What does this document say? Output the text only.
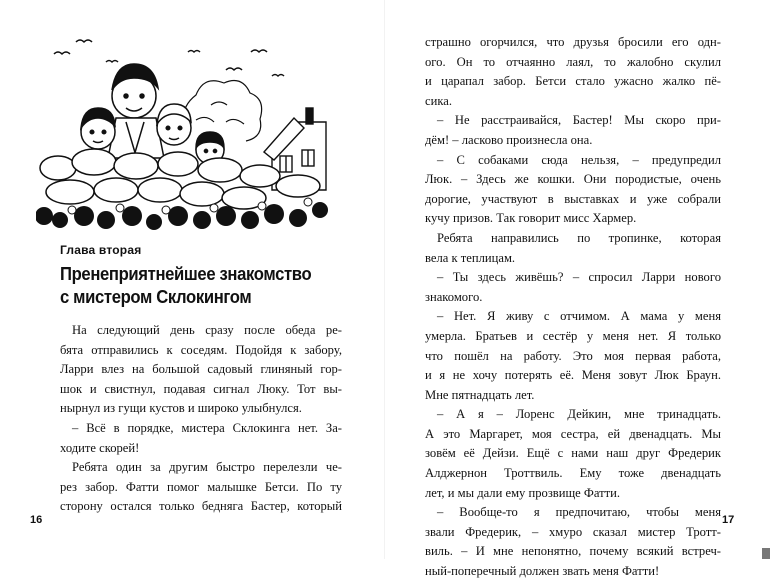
Глава вторая
Пренеприятнейшее знакомство
с мистером Склокингом
На следующий день сразу после обеда ре-
бята отправились к соседям. Подойдя к забору,
Ларри влез на большой садовый глиняный гор-
шок и свистнул, подавая сигнал Люку. Тот вы-
нырнул из гущи кустов и широко улыбнулся.
– Всё в порядке, мистера Склокинга нет. За-
ходите скорей!
Ребята один за другим быстро перелезли че-
рез забор. Фатти помог малышке Бетси. По ту
сторону остался только бедняга Бастер, который
16
страшно огорчился, что друзья бросили его одн-
ого. Он то отчаянно лаял, то жалобно скулил
и царапал забор. Бетси стало ужасно жалко пё-
сика.
– Не расстраивайся, Бастер! Мы скоро при-
дём! – ласково произнесла она.
– С собаками сюда нельзя, – предупредил
Люк. – Здесь же кошки. Они породистые, очень
дорогие, участвуют в выставках и уже собрали
кучу призов. Так говорит мисс Хармер.
Ребята направились по тропинке, которая
вела к теплицам.
– Ты здесь живёшь? – спросил Ларри нового
знакомого.
– Нет. Я живу с отчимом. А мама у меня
умерла. Братьев и сестёр у меня нет. Я только
что пошёл на работу. Это моя первая работа,
и я не хочу потерять её. Меня зовут Люк Браун.
Мне пятнадцать лет.
– А я – Лоренс Дейкин, мне тринадцать.
А это Маргарет, моя сестра, ей двенадцать. Мы
зовём её Дейзи. Ещё с нами наш друг Фредерик
Алджернон Троттвиль. Ему тоже двенадцать
лет, и мы дали ему прозвище Фатти.
– Вообще-то я предпочитаю, чтобы меня
звали Фредерик, – хмуро сказал мистер Тротт-
виль. – И мне непонятно, почему всякий встреч-
ный-поперечный должен звать меня Фатти!
17
